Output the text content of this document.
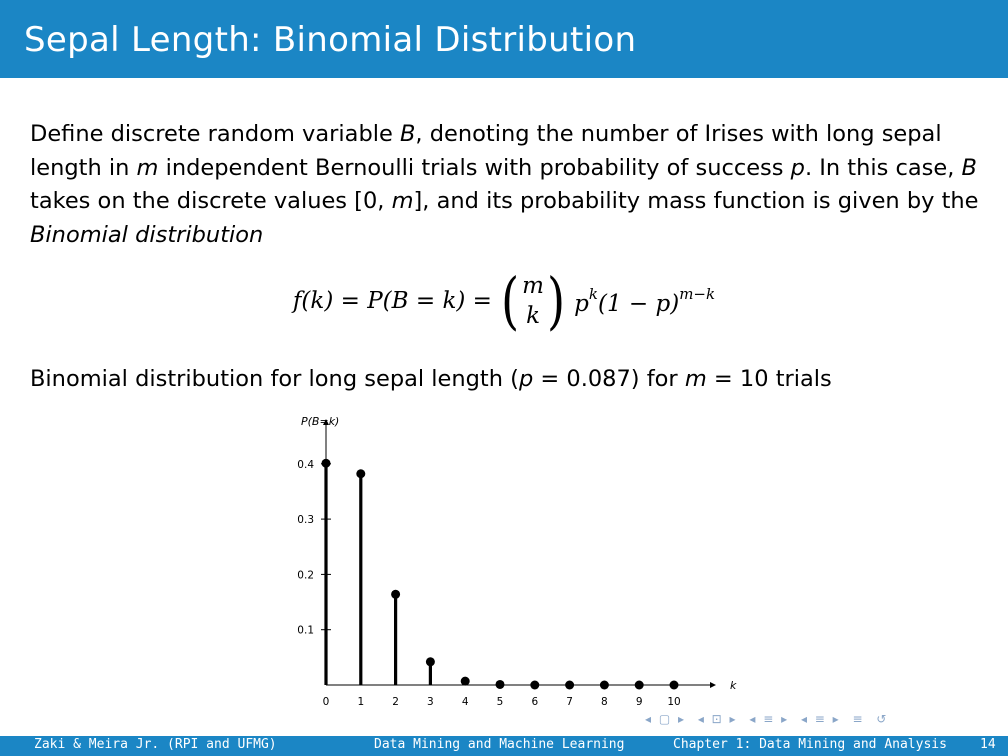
Sepal Length: Binomial Distribution

Define discrete random variable B, denoting the number of Irises with long sepal length in m independent Bernoulli trials with probability of success p. In this case, B takes on the discrete values [0, m], and its probability mass function is given by the Binomial distribution

f(k) = P(B = k) = ( m
k ) $p^k(1 - p)^{m-k}$
Binomial distribution for long sepal length (p = 0.087) for m = 10 trials
P(B=k)
k
0.1
0.2
0.3
0.4
0	1	2	3	4	5	6	7	8	9 10
◂ ▢ ▸ ◂ ⊡ ▸ ◂ ≡ ▸ ◂ ≡ ▸ ≡ ↺
Zaki & Meira Jr. (RPI and UFMG)	Data Mining and Machine Learning	Chapter 1: Data Mining and Analysis	14
